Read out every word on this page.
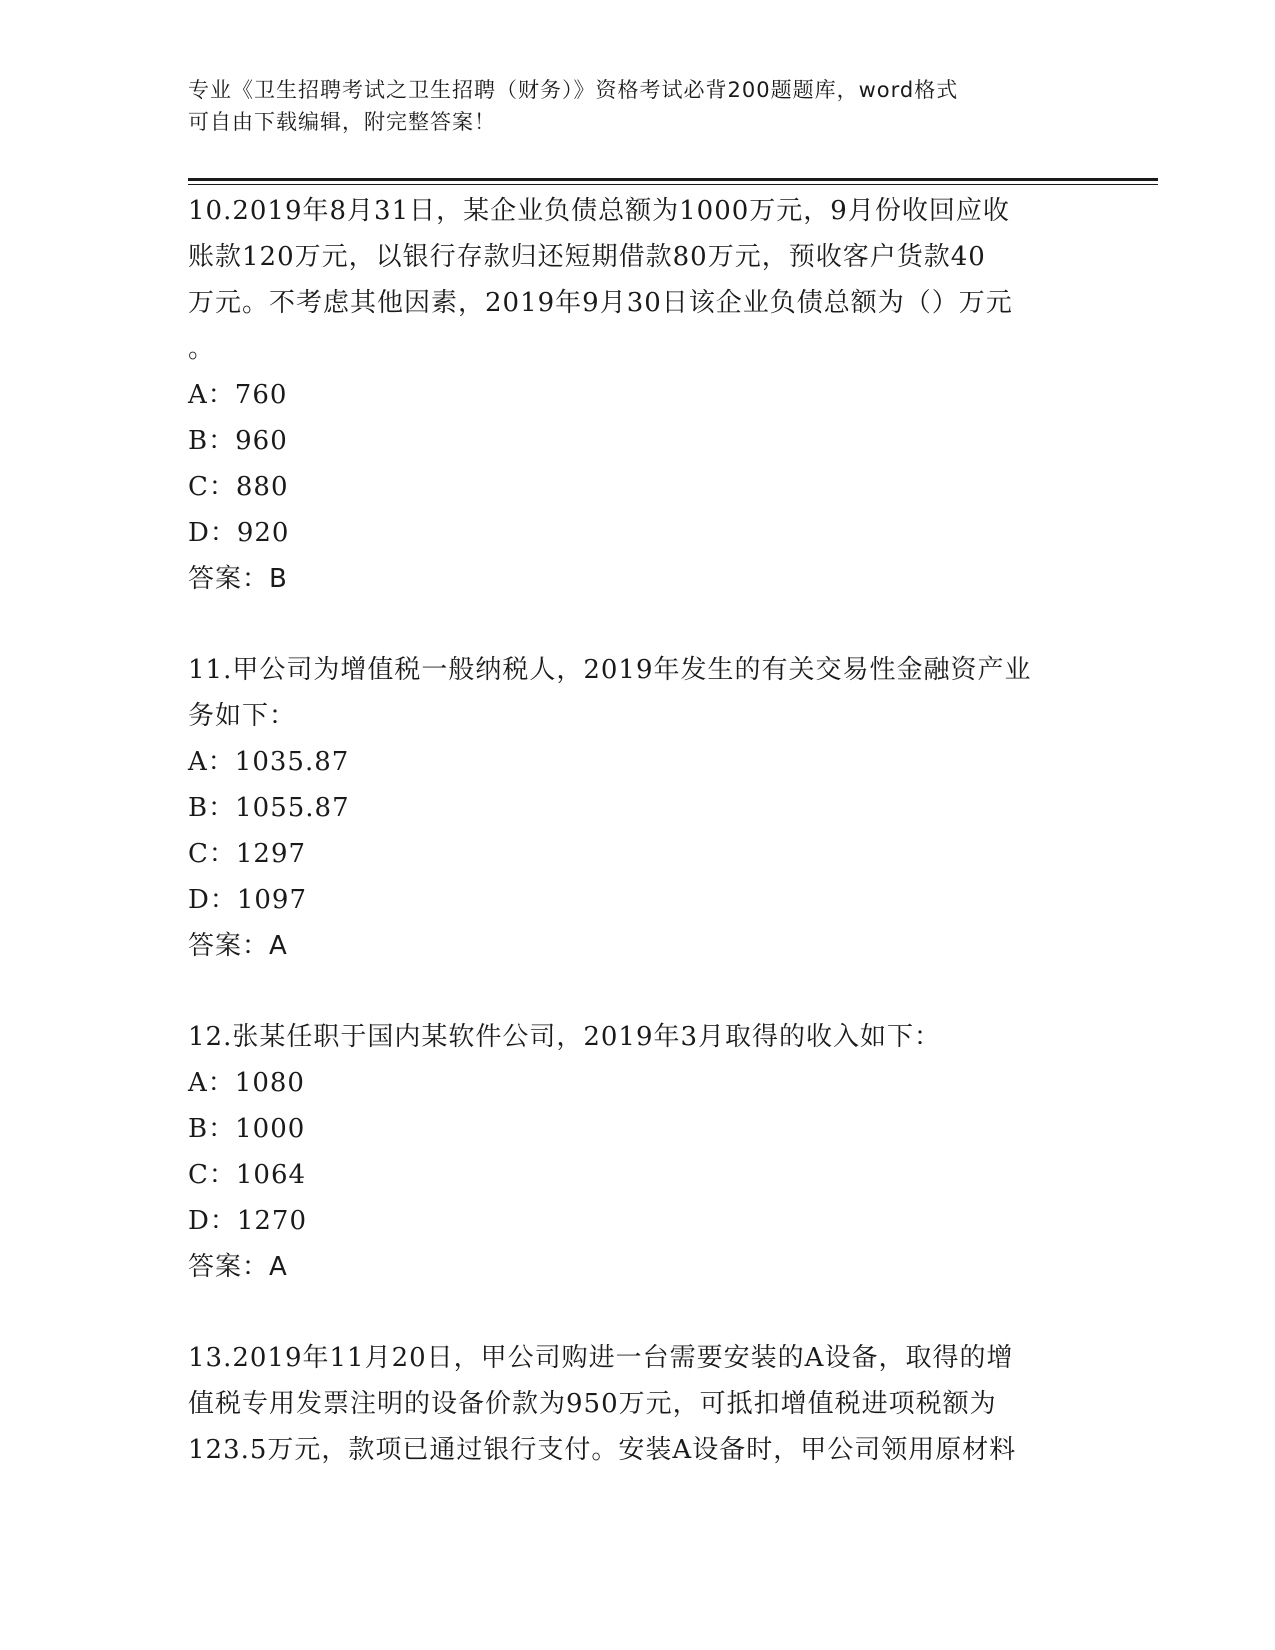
专业《卫生招聘考试之卫生招聘（财务）》资格考试必背200题题库，word格式
可自由下载编辑，附完整答案！
10.2019年8月31日，某企业负债总额为1000万元，9月份收回应收
账款120万元，以银行存款归还短期借款80万元，预收客户货款40
万元。不考虑其他因素，2019年9月30日该企业负债总额为（）万元
。
A：760
B：960
C：880
D：920
答案：B
11.甲公司为增值税一般纳税人，2019年发生的有关交易性金融资产业
务如下：
A：1035.87
B：1055.87
C：1297
D：1097
答案：A
12.张某任职于国内某软件公司，2019年3月取得的收入如下：
A：1080
B：1000
C：1064
D：1270
答案：A
13.2019年11月20日，甲公司购进一台需要安装的A设备，取得的增
值税专用发票注明的设备价款为950万元，可抵扣增值税进项税额为
123.5万元，款项已通过银行支付。安装A设备时，甲公司领用原材料
